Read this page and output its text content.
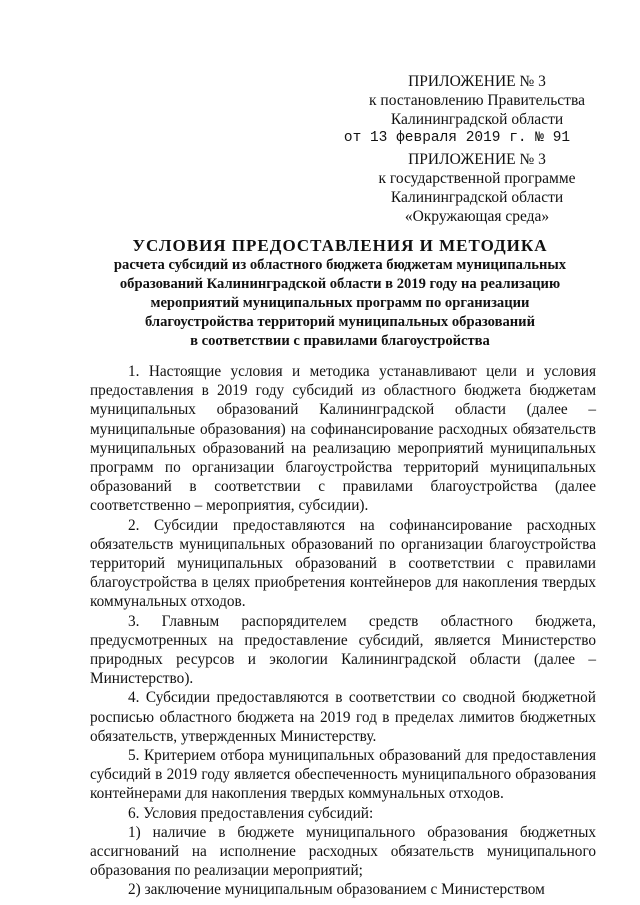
ПРИЛОЖЕНИЕ № 3
к постановлению Правительства
Калининградской области
от 13 февраля 2019 г. № 91
ПРИЛОЖЕНИЕ № 3
к государственной программе
Калининградской области
«Окружающая среда»
УСЛОВИЯ ПРЕДОСТАВЛЕНИЯ И МЕТОДИКА
расчета субсидий из областного бюджета бюджетам муниципальных
образований Калининградской области в 2019 году на реализацию
мероприятий муниципальных программ по организации
благоустройства территорий муниципальных образований
в соответствии с правилами благоустройства

1. Настоящие условия и методика устанавливают цели и условия предоставления в 2019 году субсидий из областного бюджета бюджетам муниципальных образований Калининградской области (далее – муниципальные образования) на софинансирование расходных обязательств муниципальных образований на реализацию мероприятий муниципальных программ по организации благоустройства территорий муниципальных образований в соответствии с правилами благоустройства (далее соответственно – мероприятия, субсидии).

2. Субсидии предоставляются на софинансирование расходных обязательств муниципальных образований по организации благоустройства территорий муниципальных образований в соответствии с правилами благоустройства в целях приобретения контейнеров для накопления твердых коммунальных отходов.

3. Главным распорядителем средств областного бюджета, предусмотренных на предоставление субсидий, является Министерство природных ресурсов и экологии Калининградской области (далее – Министерство).

4. Субсидии предоставляются в соответствии со сводной бюджетной росписью областного бюджета на 2019 год в пределах лимитов бюджетных обязательств, утвержденных Министерству.

5. Критерием отбора муниципальных образований для предоставления субсидий в 2019 году является обеспеченность муниципального образования контейнерами для накопления твердых коммунальных отходов.

6. Условия предоставления субсидий:

1) наличие в бюджете муниципального образования бюджетных ассигнований на исполнение расходных обязательств муниципального образования по реализации мероприятий;

2) заключение муниципальным образованием с Министерством
